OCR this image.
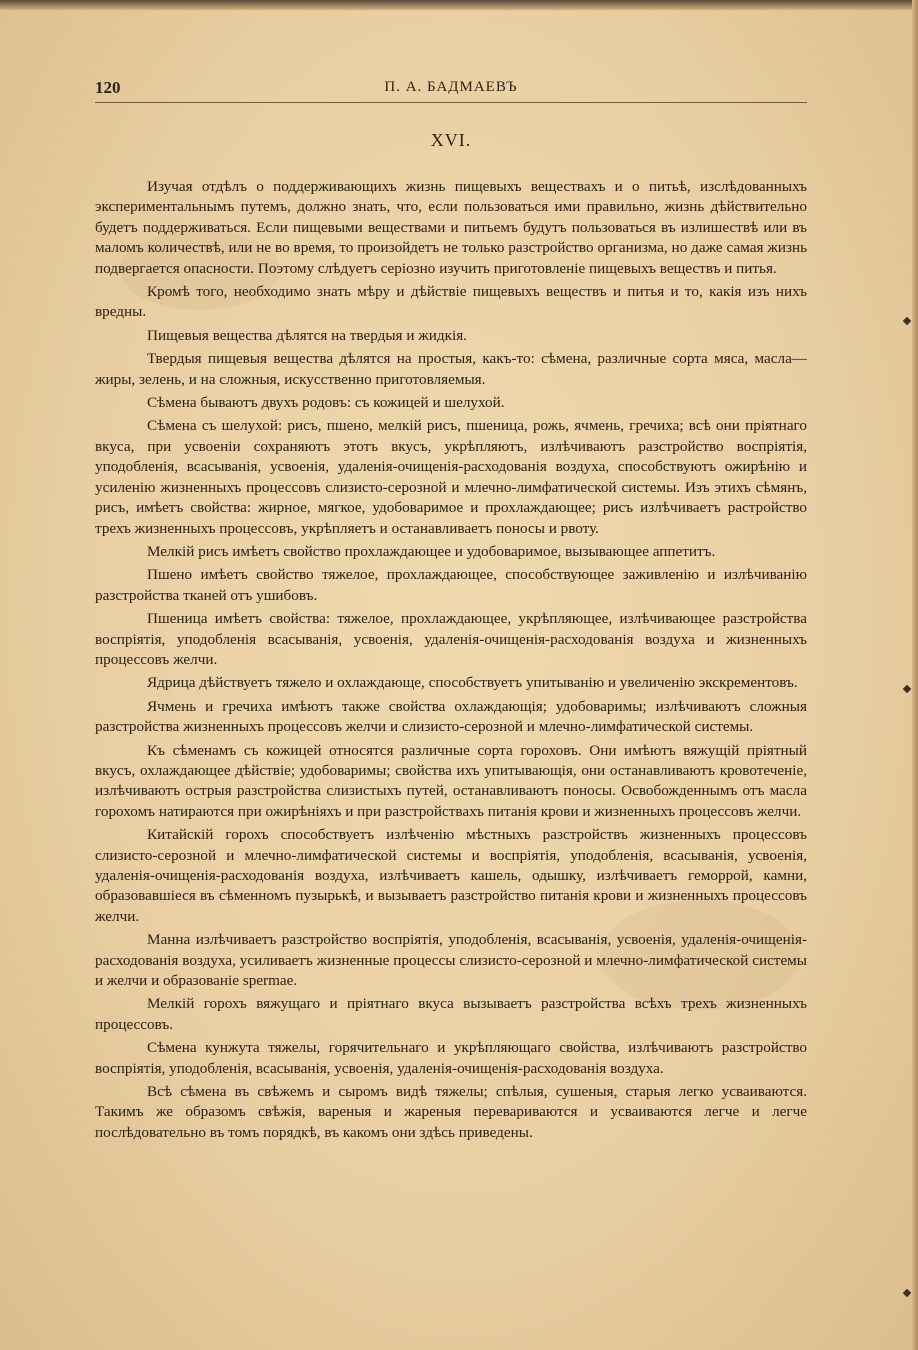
120	П. А. БАДМАЕВЪ
XVI.

Изучая отдѣлъ о поддерживающихъ жизнь пищевыхъ веществахъ и о питьѣ, изслѣдованныхъ экспериментальнымъ путемъ, должно знать, что, если пользоваться ими правильно, жизнь дѣйствительно будетъ поддерживаться. Если пищевыми веществами и питьемъ будутъ пользоваться въ излишествѣ или въ маломъ количествѣ, или не во время, то произойдетъ не только разстройство организма, но даже самая жизнь подвергается опасности. Поэтому слѣдуетъ серіозно изучить приготовленіе пищевыхъ веществъ и питья.

Кромѣ того, необходимо знать мѣру и дѣйствіе пищевыхъ веществъ и питья и то, какія изъ нихъ вредны.

Пищевыя вещества дѣлятся на твердыя и жидкія.

Твердыя пищевыя вещества дѣлятся на простыя, какъ-то: сѣмена, различные сорта мяса, масла—жиры, зелень, и на сложныя, искусственно приготовляемыя.

Сѣмена бываютъ двухъ родовъ: съ кожицей и шелухой.

Сѣмена съ шелухой: рисъ, пшено, мелкій рисъ, пшеница, рожь, ячмень, гречиха; всѣ они пріятнаго вкуса, при усвоеніи сохраняютъ этотъ вкусъ, укрѣпляютъ, излѣчиваютъ разстройство воспріятія, уподобленія, всасыванія, усвоенія, удаленія-очищенія-расходованія воздуха, способствуютъ ожирѣнію и усиленію жизненныхъ процессовъ слизисто-серозной и млечно-лимфатической системы. Изъ этихъ сѣмянъ, рисъ, имѣетъ свойства: жирное, мягкое, удобоваримое и прохлаждающее; рисъ излѣчиваетъ растройство трехъ жизненныхъ процессовъ, укрѣпляетъ и останавливаетъ поносы и рвоту.

Мелкій рисъ имѣетъ свойство прохлаждающее и удобоваримое, вызывающее аппетитъ.

Пшено имѣетъ свойство тяжелое, прохлаждающее, способствующее заживленію и излѣчиванію разстройства тканей отъ ушибовъ.

Пшеница имѣетъ свойства: тяжелое, прохлаждающее, укрѣпляющее, излѣчивающее разстройства воспріятія, уподобленія всасыванія, усвоенія, удаленія-очищенія-расходованія воздуха и жизненныхъ процессовъ желчи.

Ядрица дѣйствуетъ тяжело и охлаждающе, способствуетъ упитыванію и увеличенію экскрементовъ.

Ячмень и гречиха имѣютъ также свойства охлаждающія; удобоваримы; излѣчиваютъ сложныя разстройства жизненныхъ процессовъ желчи и слизисто-серозной и млечно-лимфатической системы.

Къ сѣменамъ съ кожицей относятся различные сорта гороховъ. Они имѣютъ вяжущій пріятный вкусъ, охлаждающее дѣйствіе; удобоваримы; свойства ихъ упитывающія, они останавливаютъ кровотеченіе, излѣчиваютъ острыя разстройства слизистыхъ путей, останавливаютъ поносы. Освобожденнымъ отъ масла горохомъ натираются при ожирѣніяхъ и при разстройствахъ питанія крови и жизненныхъ процессовъ желчи.

Китайскій горохъ способствуетъ излѣченію мѣстныхъ разстройствъ жизненныхъ процессовъ слизисто-серозной и млечно-лимфатической системы и воспріятія, уподобленія, всасыванія, усвоенія, удаленія-очищенія-расходованія воздуха, излѣчиваетъ кашель, одышку, излѣчиваетъ геморрой, камни, образовавшіеся въ сѣменномъ пузырькѣ, и вызываетъ разстройство питанія крови и жизненныхъ процессовъ желчи.

Манна излѣчиваетъ разстройство воспріятія, уподобленія, всасыванія, усвоенія, удаленія-очищенія-расходованія воздуха, усиливаетъ жизненные процессы слизисто-серозной и млечно-лимфатической системы и желчи и образованіе spermae.

Мелкій горохъ вяжущаго и пріятнаго вкуса вызываетъ разстройства всѣхъ трехъ жизненныхъ процессовъ.

Сѣмена кунжута тяжелы, горячительнаго и укрѣпляющаго свойства, излѣчиваютъ разстройство воспріятія, уподобленія, всасыванія, усвоенія, удаленія-очищенія-расходованія воздуха.

Всѣ сѣмена въ свѣжемъ и сыромъ видѣ тяжелы; спѣлыя, сушеныя, старыя легко усваиваются. Такимъ же образомъ свѣжія, вареныя и жареныя перевариваются и усваиваются легче и легче послѣдовательно въ томъ порядкѣ, въ какомъ они здѣсь приведены.
